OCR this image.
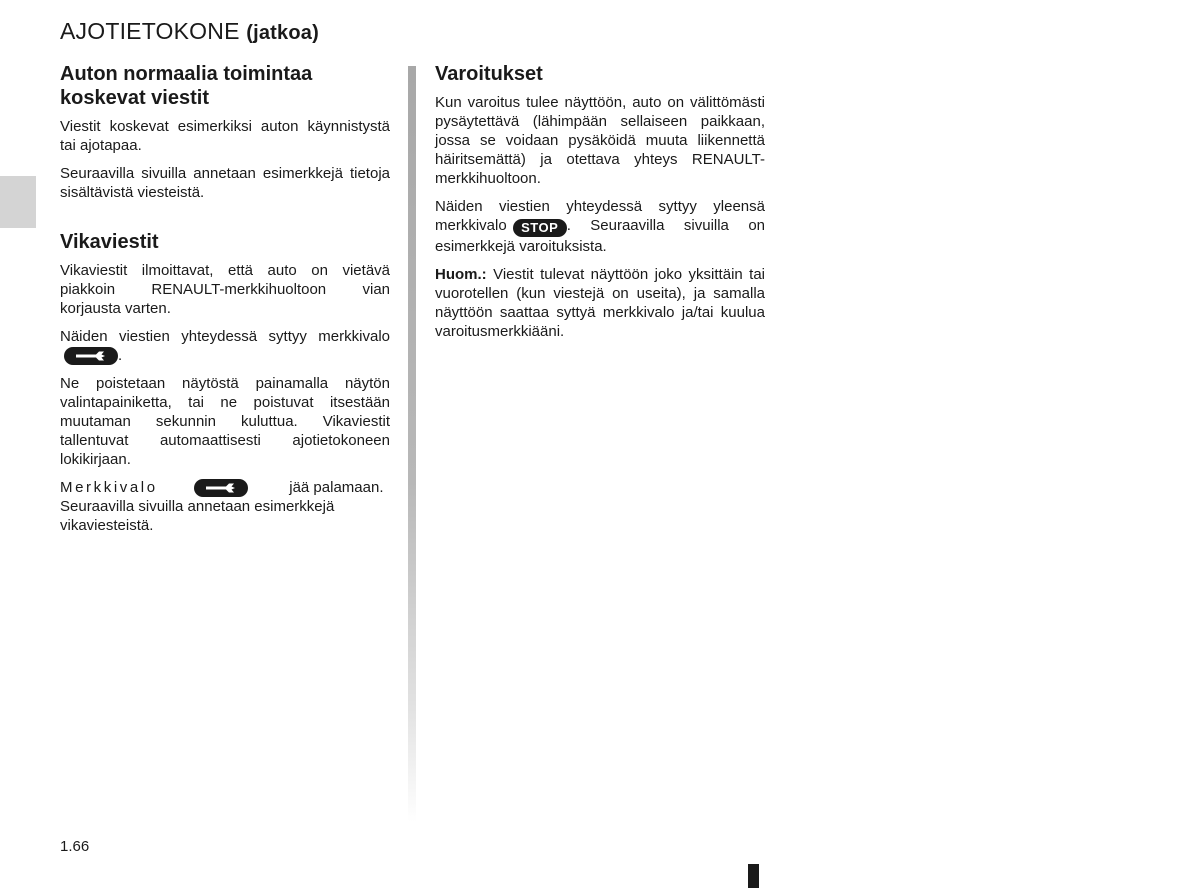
AJOTIETOKONE (jatkoa)
Auton normaalia toimintaa koskevat viestit

Viestit koskevat esimerkiksi auton käynnistystä tai ajotapaa.

Seuraavilla sivuilla annetaan esimerkkejä tietoja sisältävistä viesteistä.

Vikaviestit

Vikaviestit ilmoittavat, että auto on vietävä piakkoin RENAULT-merkkihuoltoon vian korjausta varten.

Näiden viestien yhteydessä syttyy merkkivalo
.

Ne poistetaan näytöstä painamalla näytön valintapainiketta, tai ne poistuvat itsestään muutaman sekunnin kuluttua. Vikaviestit tallentuvat automaattisesti ajotietokoneen lokikirjaan.

Merkkivalo	jää palamaan. Seuraavilla sivuilla annetaan esimerkkejä vikaviesteistä.

Varoitukset

Kun varoitus tulee näyttöön, auto on välittömästi pysäytettävä (lähimpään sellaiseen paikkaan, jossa se voidaan pysäköidä muuta liikennettä häiritsemättä) ja otettava yhteys RENAULT-merkkihuoltoon.

Näiden viestien yhteydessä syttyy yleensä merkkivalo STOP . Seuraavilla sivuilla on esimerkkejä varoituksista.

Huom.: Viestit tulevat näyttöön joko yksittäin tai vuorotellen (kun viestejä on useita), ja samalla näyttöön saattaa syttyä merkkivalo ja/tai kuulua varoitusmerkkiääni.

1.66
